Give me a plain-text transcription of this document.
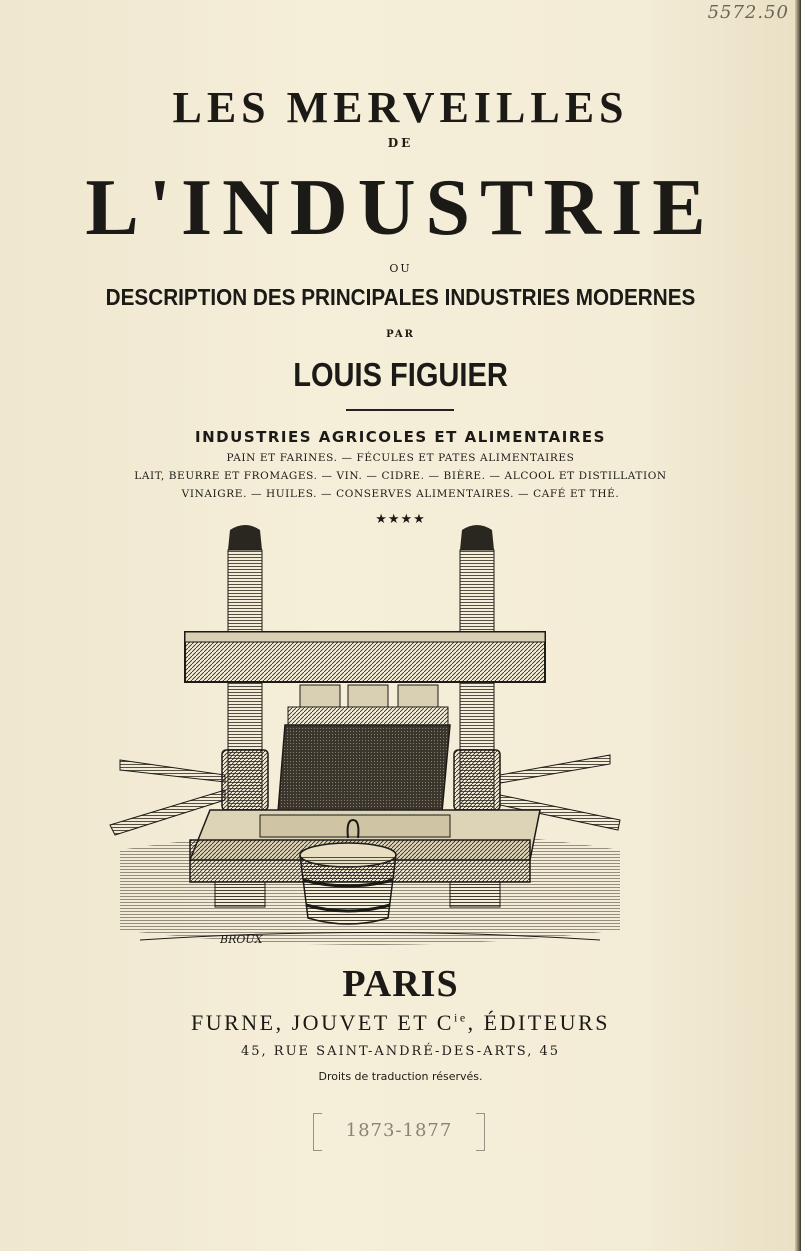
5572.50
LES MERVEILLES
DE
L'INDUSTRIE
OU
DESCRIPTION DES PRINCIPALES INDUSTRIES MODERNES
PAR
LOUIS FIGUIER
INDUSTRIES AGRICOLES ET ALIMENTAIRES
PAIN ET FARINES. — FÉCULES ET PATES ALIMENTAIRES
LAIT, BEURRE ET FROMAGES. — VIN. — CIDRE. — BIÈRE. — ALCOOL ET DISTILLATION
VINAIGRE. — HUILES. — CONSERVES ALIMENTAIRES. — CAFÉ ET THÉ.
★★★★
BROUX
PARIS
FURNE, JOUVET ET $C^{ie}$, ÉDITEURS
45, RUE SAINT-ANDRÉ-DES-ARTS, 45
Droits de traduction réservés.
1873-1877
